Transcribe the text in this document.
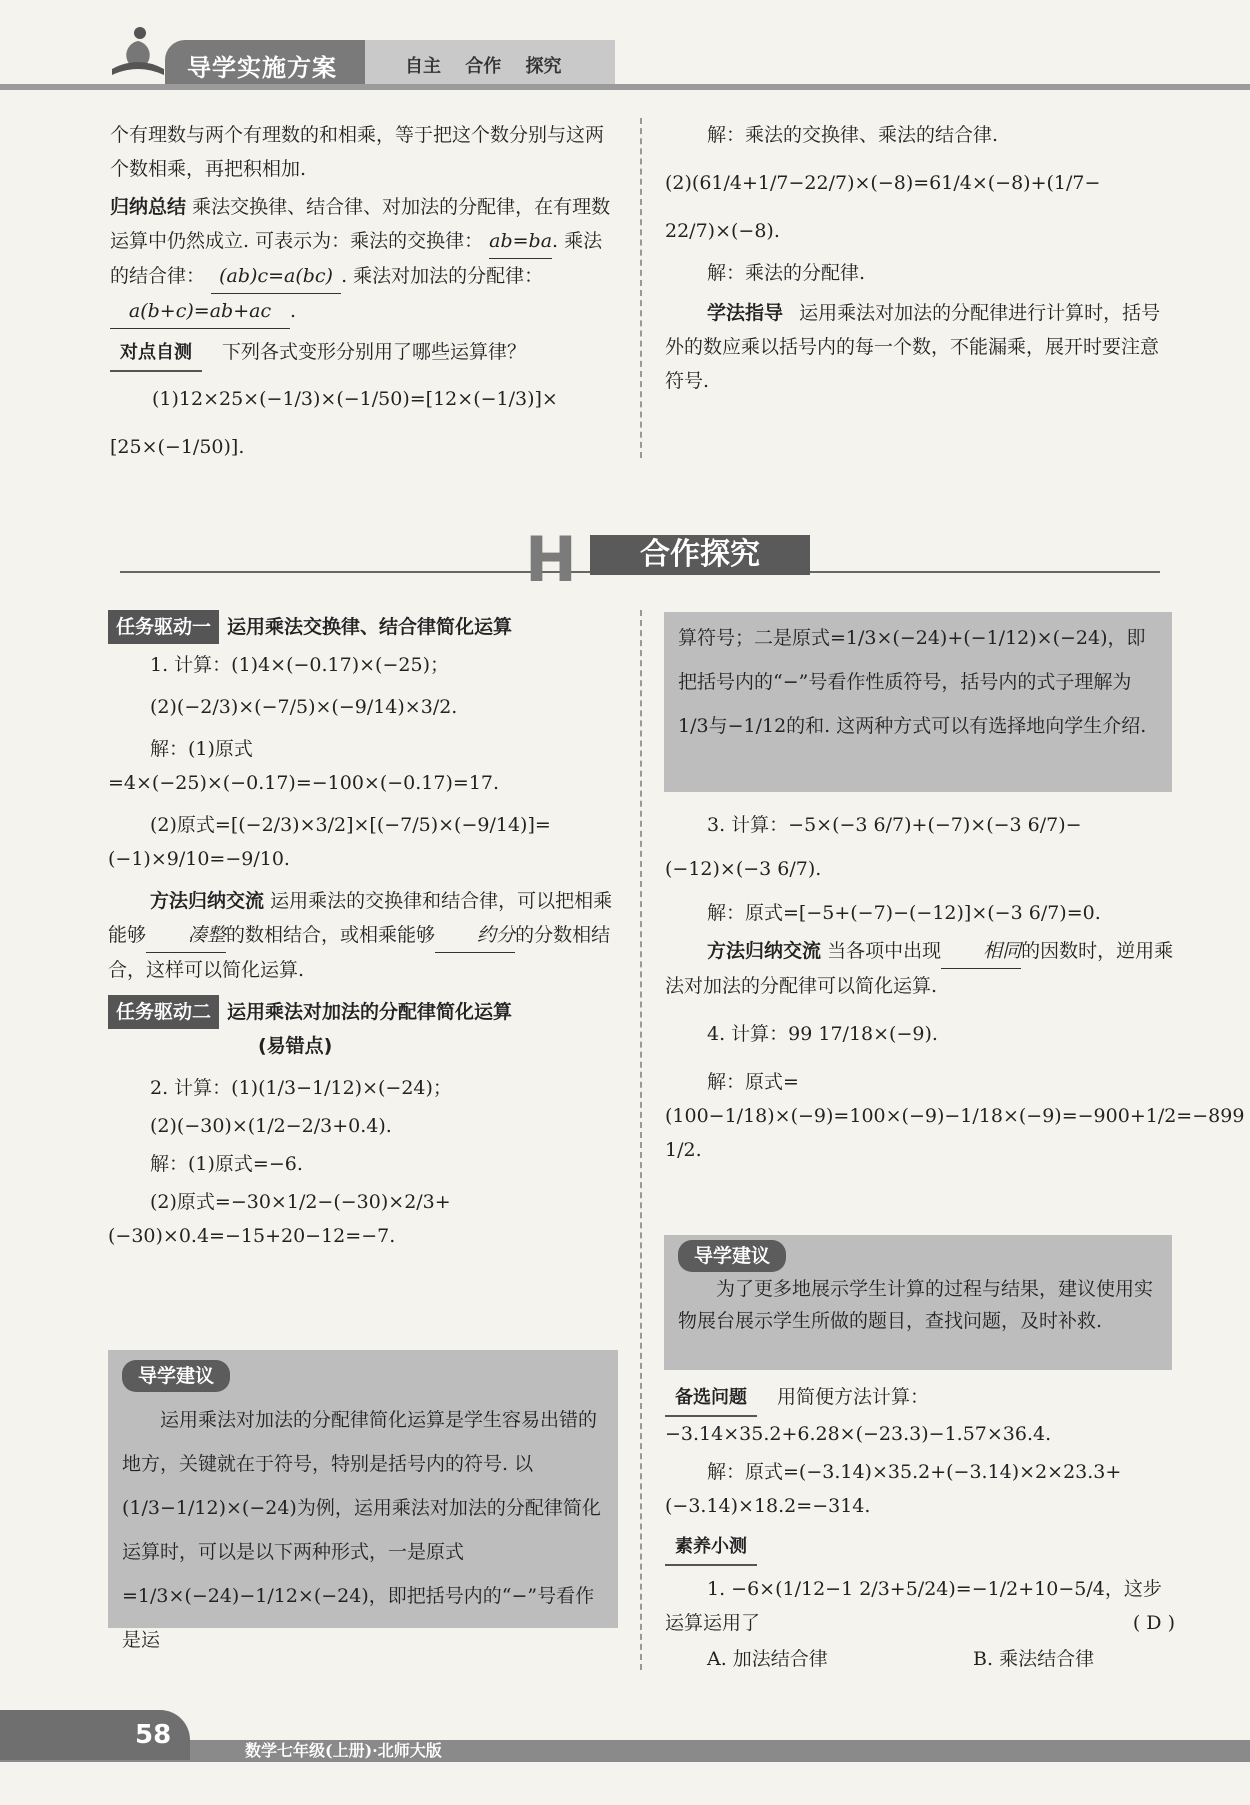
导学实施方案	自主 合作 探究

个有理数与两个有理数的和相乘，等于把这个数分别与这两个数相乘，再把积相加.

归纳总结 乘法交换律、结合律、对加法的分配律，在有理数运算中仍然成立. 可表示为：乘法的交换律： ab=ba. 乘法的结合律： (ab)c=a(bc) . 乘法对加法的分配律： a(b+c)=ab+ac .

对点自测 下列各式变形分别用了哪些运算律？

(1)12×25×(−1/3)×(−1/50)=[12×(−1/3)]×

[25×(−1/50)].

解：乘法的交换律、乘法的结合律.

(2)(61/4+1/7−22/7)×(−8)=61/4×(−8)+(1/7−

22/7)×(−8).

解：乘法的分配律.

学法指导 运用乘法对加法的分配律进行计算时，括号外的数应乘以括号内的每一个数，不能漏乘，展开时要注意符号.

H	合作探究

任务驱动一 运用乘法交换律、结合律简化运算

1. 计算：(1)4×(−0.17)×(−25)；

(2)(−2/3)×(−7/5)×(−9/14)×3/2.

解：(1)原式=4×(−25)×(−0.17)=−100×(−0.17)=17.

(2)原式=[(−2/3)×3/2]×[(−7/5)×(−9/14)]=(−1)×9/10=−9/10.

方法归纳交流 运用乘法的交换律和结合律，可以把相乘能够 凑整的数相结合，或相乘能够 约分的分数相结合，这样可以简化运算.

任务驱动二 运用乘法对加法的分配律简化运算

(易错点)

2. 计算：(1)(1/3−1/12)×(−24)；

(2)(−30)×(1/2−2/3+0.4).

解：(1)原式=−6.

(2)原式=−30×1/2−(−30)×2/3+(−30)×0.4=−15+20−12=−7.

导学建议

运用乘法对加法的分配律简化运算是学生容易出错的地方，关键就在于符号，特别是括号内的符号. 以(1/3−1/12)×(−24)为例，运用乘法对加法的分配律简化运算时，可以是以下两种形式，一是原式=1/3×(−24)−1/12×(−24)，即把括号内的“−”号看作是运

算符号；二是原式=1/3×(−24)+(−1/12)×(−24)，即把括号内的“−”号看作性质符号，括号内的式子理解为1/3与−1/12的和. 这两种方式可以有选择地向学生介绍.

3. 计算：−5×(−3 6/7)+(−7)×(−3 6/7)−

(−12)×(−3 6/7).

解：原式=[−5+(−7)−(−12)]×(−3 6/7)=0.

方法归纳交流 当各项中出现 相同的因数时，逆用乘法对加法的分配律可以简化运算.

4. 计算：99 17/18×(−9).

解：原式=(100−1/18)×(−9)=100×(−9)−1/18×(−9)=−900+1/2=−899 1/2.

导学建议

为了更多地展示学生计算的过程与结果，建议使用实物展台展示学生所做的题目，查找问题，及时补救.

备选问题 用简便方法计算：−3.14×35.2+6.28×(−23.3)−1.57×36.4.

解：原式=(−3.14)×35.2+(−3.14)×2×23.3+(−3.14)×18.2=−314.

素养小测

1. −6×(1/12−1 2/3+5/24)=−1/2+10−5/4，这步运算运用了	( D )

A. 加法结合律	B. 乘法结合律

58
数学七年级(上册)·北师大版
